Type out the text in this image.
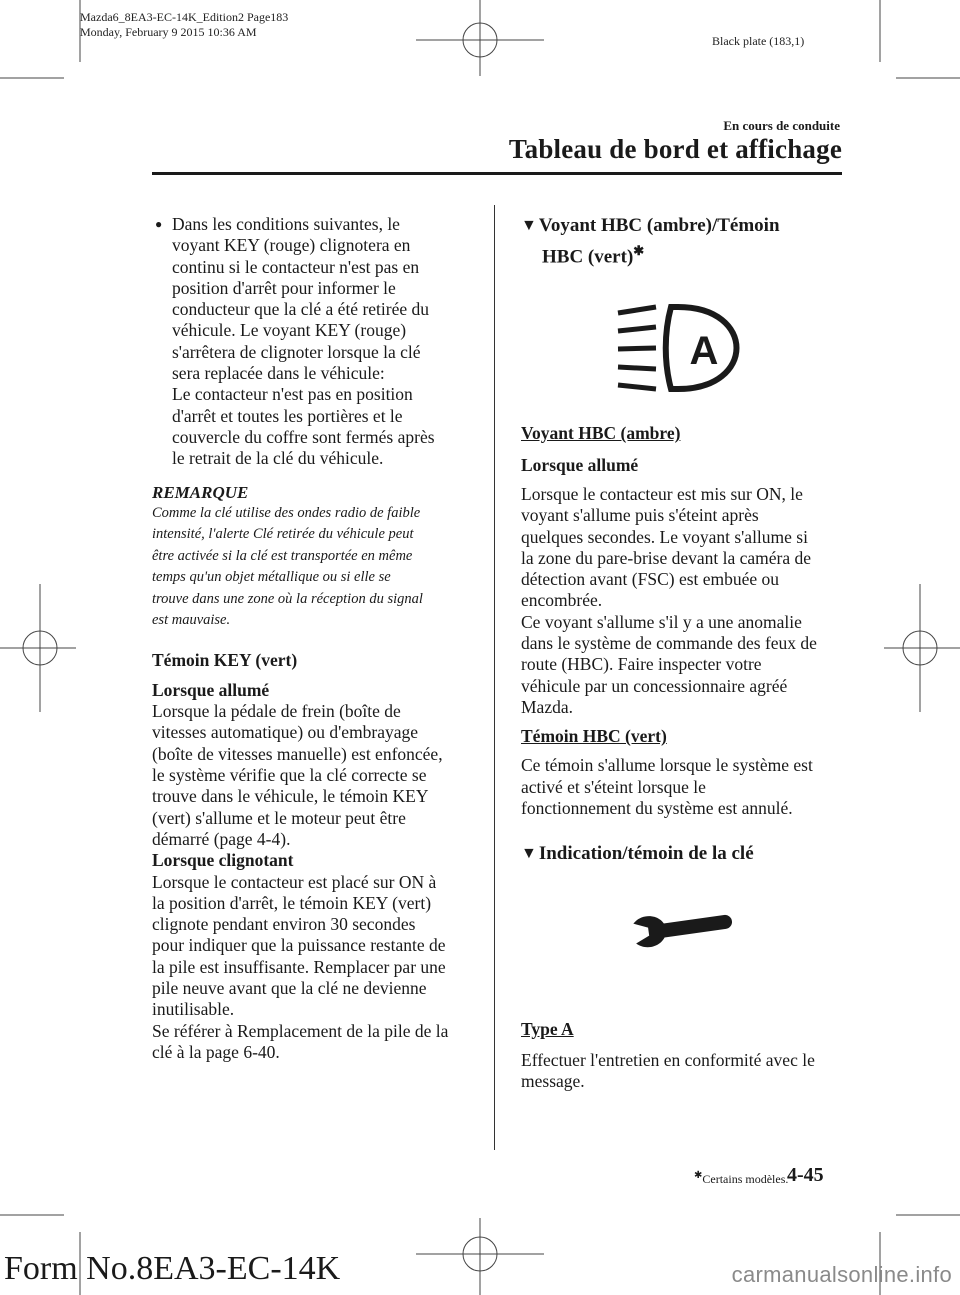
Mazda6_8EA3-EC-14K_Edition2 Page183
Monday, February 9 2015 10:36 AM
Black plate (183,1)
En cours de conduite
Tableau de bord et affichage
● Dans les conditions suivantes, le
voyant KEY (rouge) clignotera en
continu si le contacteur n'est pas en
position d'arrêt pour informer le
conducteur que la clé a été retirée du
véhicule. Le voyant KEY (rouge)
s'arrêtera de clignoter lorsque la clé
sera replacée dans le véhicule:
Le contacteur n'est pas en position
d'arrêt et toutes les portières et le
couvercle du coffre sont fermés après
le retrait de la clé du véhicule.
REMARQUE
Comme la clé utilise des ondes radio de faible
intensité, l'alerte Clé retirée du véhicule peut
être activée si la clé est transportée en même
temps qu'un objet métallique ou si elle se
trouve dans une zone où la réception du signal
est mauvaise.
Témoin KEY (vert)
Lorsque allumé
Lorsque la pédale de frein (boîte de
vitesses automatique) ou d'embrayage
(boîte de vitesses manuelle) est enfoncée,
le système vérifie que la clé correcte se
trouve dans le véhicule, le témoin KEY
(vert) s'allume et le moteur peut être
démarré (page 4-4).
Lorsque clignotant
Lorsque le contacteur est placé sur ON à
la position d'arrêt, le témoin KEY (vert)
clignote pendant environ 30 secondes
pour indiquer que la puissance restante de
la pile est insuffisante. Remplacer par une
pile neuve avant que la clé ne devienne
inutilisable.
Se référer à Remplacement de la pile de la
clé à la page 6-40.
▼ Voyant HBC (ambre)/Témoin
HBC (vert)✱
A
Voyant HBC (ambre)
Lorsque allumé
Lorsque le contacteur est mis sur ON, le
voyant s'allume puis s'éteint après
quelques secondes. Le voyant s'allume si
la zone du pare-brise devant la caméra de
détection avant (FSC) est embuée ou
encombrée.
Ce voyant s'allume s'il y a une anomalie
dans le système de commande des feux de
route (HBC). Faire inspecter votre
véhicule par un concessionnaire agréé
Mazda.
Témoin HBC (vert)
Ce témoin s'allume lorsque le système est
activé et s'éteint lorsque le
fonctionnement du système est annulé.
▼ Indication/témoin de la clé
Type A
Effectuer l'entretien en conformité avec le
message.
✱Certains modèles.
4-45
Form No.8EA3-EC-14K	carmanualsonline.info
